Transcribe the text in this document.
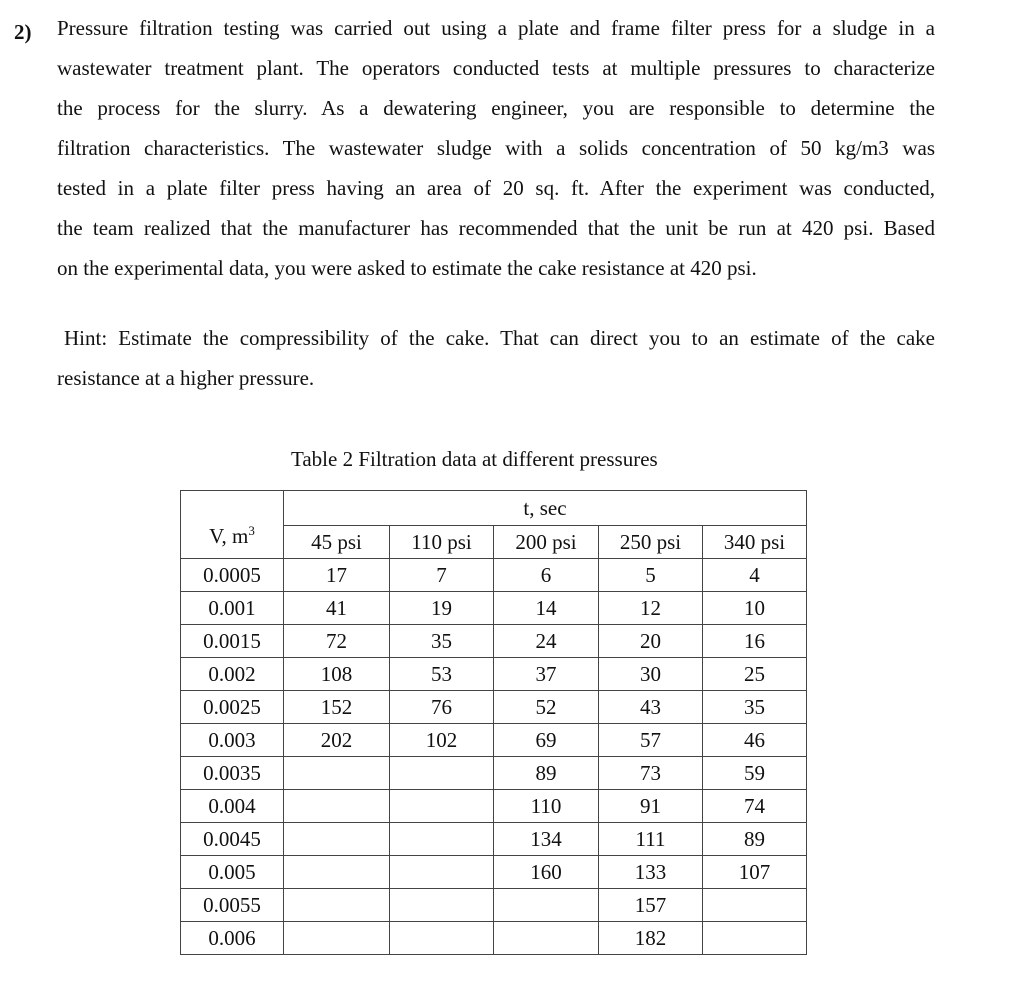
2) Pressure filtration testing was carried out using a plate and frame filter press for a sludge in a
wastewater treatment plant. The operators conducted tests at multiple pressures to characterize
the process for the slurry. As a dewatering engineer, you are responsible to determine the
filtration characteristics. The wastewater sludge with a solids concentration of 50 kg/m3 was
tested in a plate filter press having an area of 20 sq. ft. After the experiment was conducted,
the team realized that the manufacturer has recommended that the unit be run at 420 psi. Based
on the experimental data, you were asked to estimate the cake resistance at 420 psi.
Hint: Estimate the compressibility of the cake. That can direct you to an estimate of the cake
resistance at a higher pressure.
Table 2 Filtration data at different pressures
V, $m^3$	t, sec				
	45 psi	110 psi	200 psi	250 psi	340 psi
0.0005	17	7	6	5	4
0.001	41	19	14	12	10
0.0015	72	35	24	20	16
0.002	108	53	37	30	25
0.0025	152	76	52	43	35
0.003	202	102	69	57	46
0.0035			89	73	59
0.004			110	91	74
0.0045			134	111	89
0.005			160	133	107
0.0055				157	
0.006				182	
